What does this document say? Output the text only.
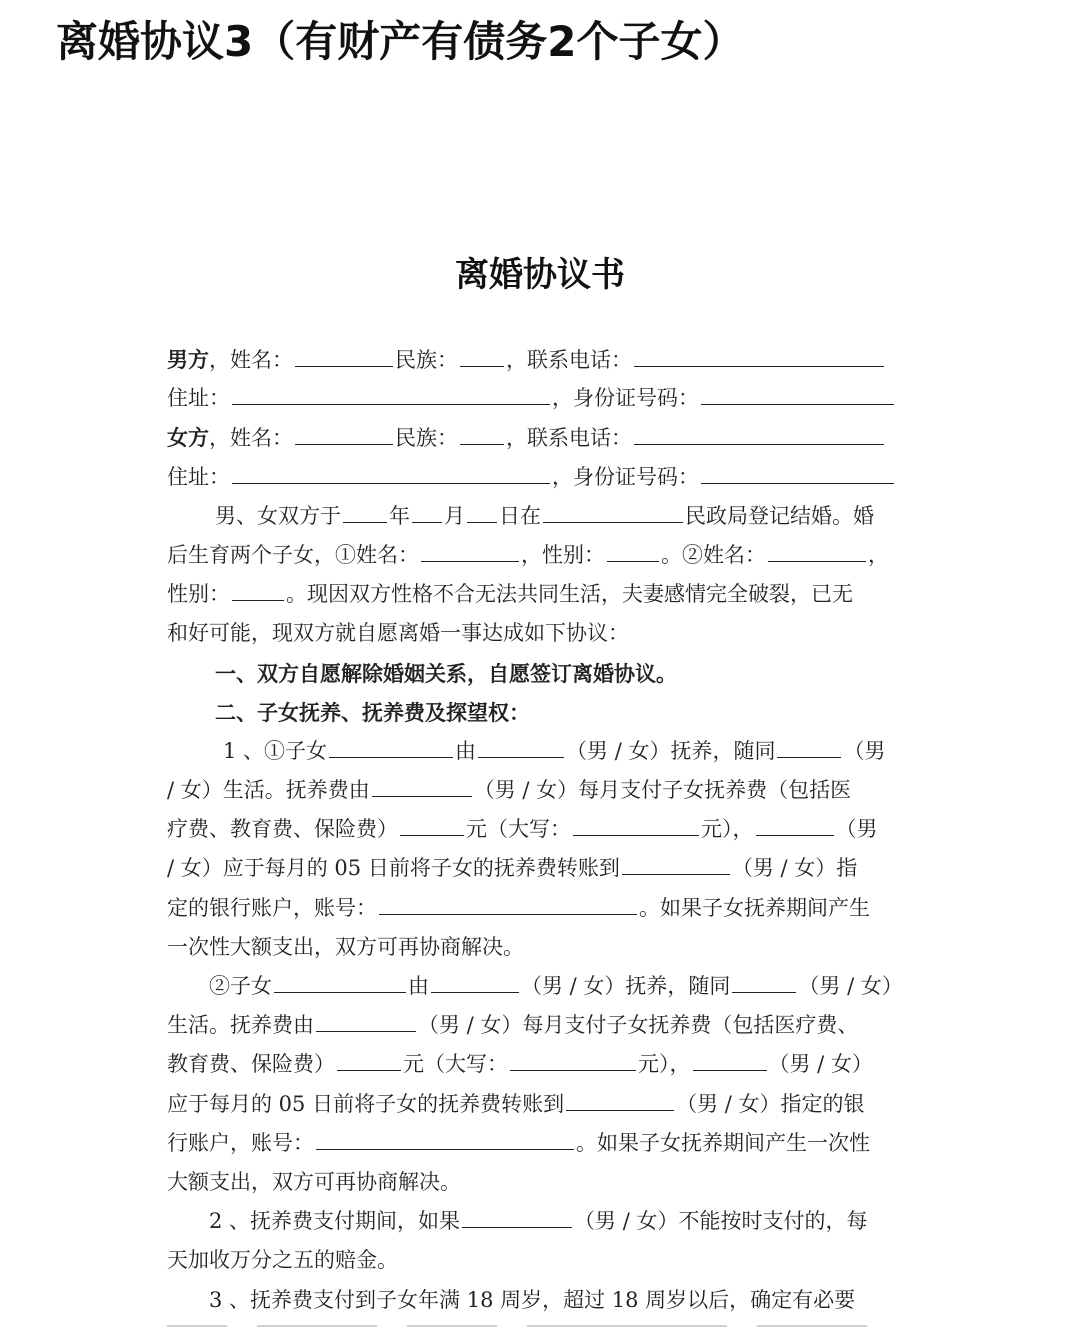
离婚协议3（有财产有债务2个子女）
离婚协议书
男方，姓名：	民族： ，联系电话：
住址：	，身份证号码：
女方，姓名：	民族： ，联系电话：
住址：	，身份证号码：
男、女双方于 年 月 日在	民政局登记结婚。婚
后生育两个子女，①姓名：	，性别：	。②姓名：	，
性别：	。现因双方性格不合无法共同生活，夫妻感情完全破裂，已无
和好可能，现双方就自愿离婚一事达成如下协议：
一、双方自愿解除婚姻关系，自愿签订离婚协议。
二、子女抚养、抚养费及探望权：
1 、①子女	由	（男 / 女）抚养，随同	（男
/ 女）生活。抚养费由	（男 / 女）每月支付子女抚养费（包括医
疗费、教育费、保险费）	元（大写：	元），	（男
/ 女）应于每月的 05 日前将子女的抚养费转账到	（男 / 女）指
定的银行账户，账号：	。如果子女抚养期间产生
一次性大额支出，双方可再协商解决。
②子女	由	（男 / 女）抚养，随同	（男 / 女）
生活。抚养费由	（男 / 女）每月支付子女抚养费（包括医疗费、
教育费、保险费）	元（大写：	元），	（男 / 女）
应于每月的 05 日前将子女的抚养费转账到	（男 / 女）指定的银
行账户，账号：	。如果子女抚养期间产生一次性
大额支出，双方可再协商解决。
2 、抚养费支付期间，如果	（男 / 女）不能按时支付的，每
天加收万分之五的赔金。
3 、抚养费支付到子女年满 18 周岁，超过 18 周岁以后，确定有必要
